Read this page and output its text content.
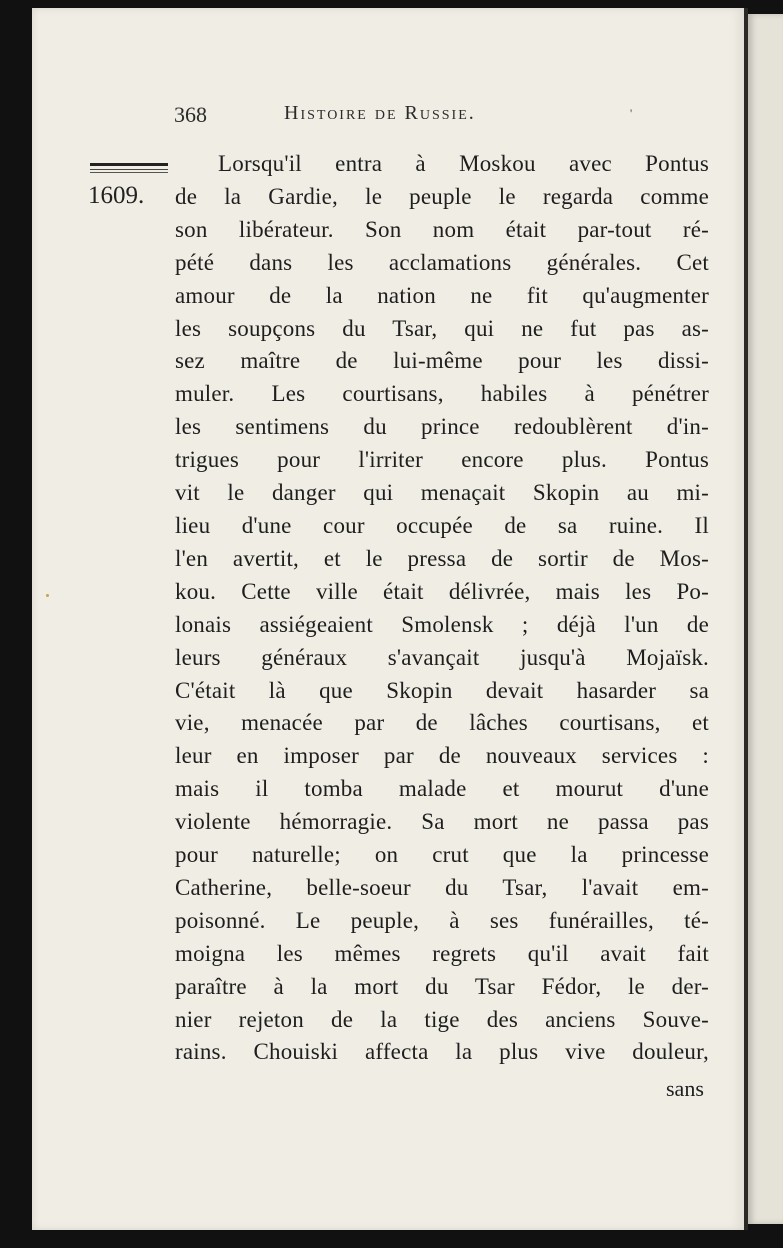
368	Histoire de Russie.	'
1609.
Lorsqu'il entra à Moskou avec Pontus
de la Gardie, le peuple le regarda comme
son libérateur. Son nom était par-tout ré-
pété dans les acclamations générales. Cet
amour de la nation ne fit qu'augmenter
les soupçons du Tsar, qui ne fut pas as-
sez maître de lui-même pour les dissi-
muler. Les courtisans, habiles à pénétrer
les sentimens du prince redoublèrent d'in-
trigues pour l'irriter encore plus. Pontus
vit le danger qui menaçait Skopin au mi-
lieu d'une cour occupée de sa ruine. Il
l'en avertit, et le pressa de sortir de Mos-
kou. Cette ville était délivrée, mais les Po-
lonais assiégeaient Smolensk ; déjà l'un de
leurs généraux s'avançait jusqu'à Mojaïsk.
C'était là que Skopin devait hasarder sa
vie, menacée par de lâches courtisans, et
leur en imposer par de nouveaux services :
mais il tomba malade et mourut d'une
violente hémorragie. Sa mort ne passa pas
pour naturelle; on crut que la princesse
Catherine, belle-soeur du Tsar, l'avait em-
poisonné. Le peuple, à ses funérailles, té-
moigna les mêmes regrets qu'il avait fait
paraître à la mort du Tsar Fédor, le der-
nier rejeton de la tige des anciens Souve-
rains. Chouiski affecta la plus vive douleur,
sans
